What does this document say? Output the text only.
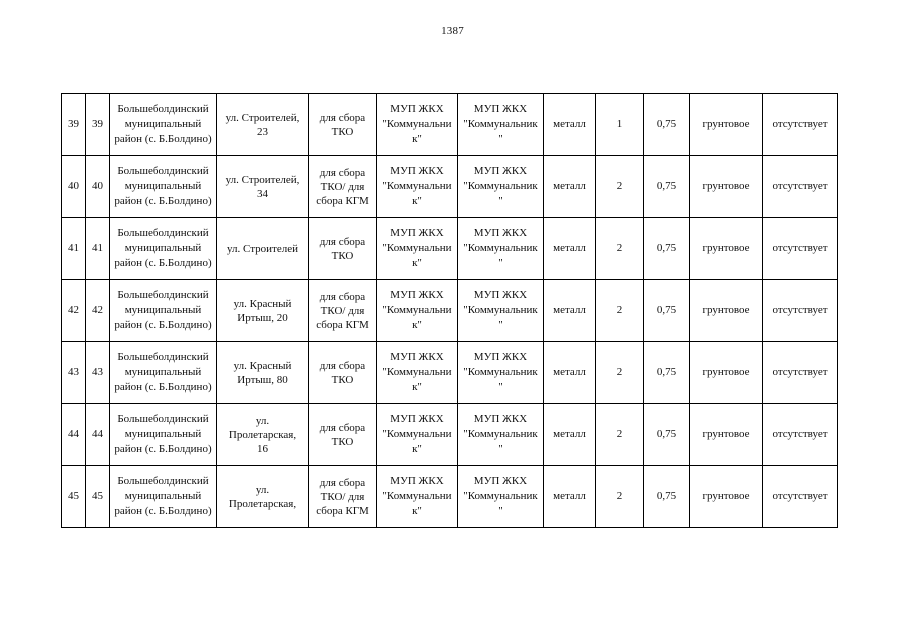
1387
39	39	Большеболдинский
муниципальный
район (с. Б.Болдино)	ул. Строителей,
23	для сбора
ТКО	МУП ЖКХ
"Коммунальни
к"	МУП ЖКХ
"Коммунальник
"	металл	1	0,75	грунтовое	отсутствует
40	40	Большеболдинский
муниципальный
район (с. Б.Болдино)	ул. Строителей,
34	для сбора
ТКО/ для
сбора КГМ	МУП ЖКХ
"Коммунальни
к"	МУП ЖКХ
"Коммунальник
"	металл	2	0,75	грунтовое	отсутствует
41	41	Большеболдинский
муниципальный
район (с. Б.Болдино)	ул. Строителей	для сбора
ТКО	МУП ЖКХ
"Коммунальни
к"	МУП ЖКХ
"Коммунальник
"	металл	2	0,75	грунтовое	отсутствует
42	42	Большеболдинский
муниципальный
район (с. Б.Болдино)	ул. Красный
Иртыш, 20	для сбора
ТКО/ для
сбора КГМ	МУП ЖКХ
"Коммунальни
к"	МУП ЖКХ
"Коммунальник
"	металл	2	0,75	грунтовое	отсутствует
43	43	Большеболдинский
муниципальный
район (с. Б.Болдино)	ул. Красный
Иртыш, 80	для сбора
ТКО	МУП ЖКХ
"Коммунальни
к"	МУП ЖКХ
"Коммунальник
"	металл	2	0,75	грунтовое	отсутствует
44	44	Большеболдинский
муниципальный
район (с. Б.Болдино)	ул.
Пролетарская,
16	для сбора
ТКО	МУП ЖКХ
"Коммунальни
к"	МУП ЖКХ
"Коммунальник
"	металл	2	0,75	грунтовое	отсутствует
45	45	Большеболдинский
муниципальный
район (с. Б.Болдино)	ул.
Пролетарская,	для сбора
ТКО/ для
сбора КГМ	МУП ЖКХ
"Коммунальни
к"	МУП ЖКХ
"Коммунальник
"	металл	2	0,75	грунтовое	отсутствует
